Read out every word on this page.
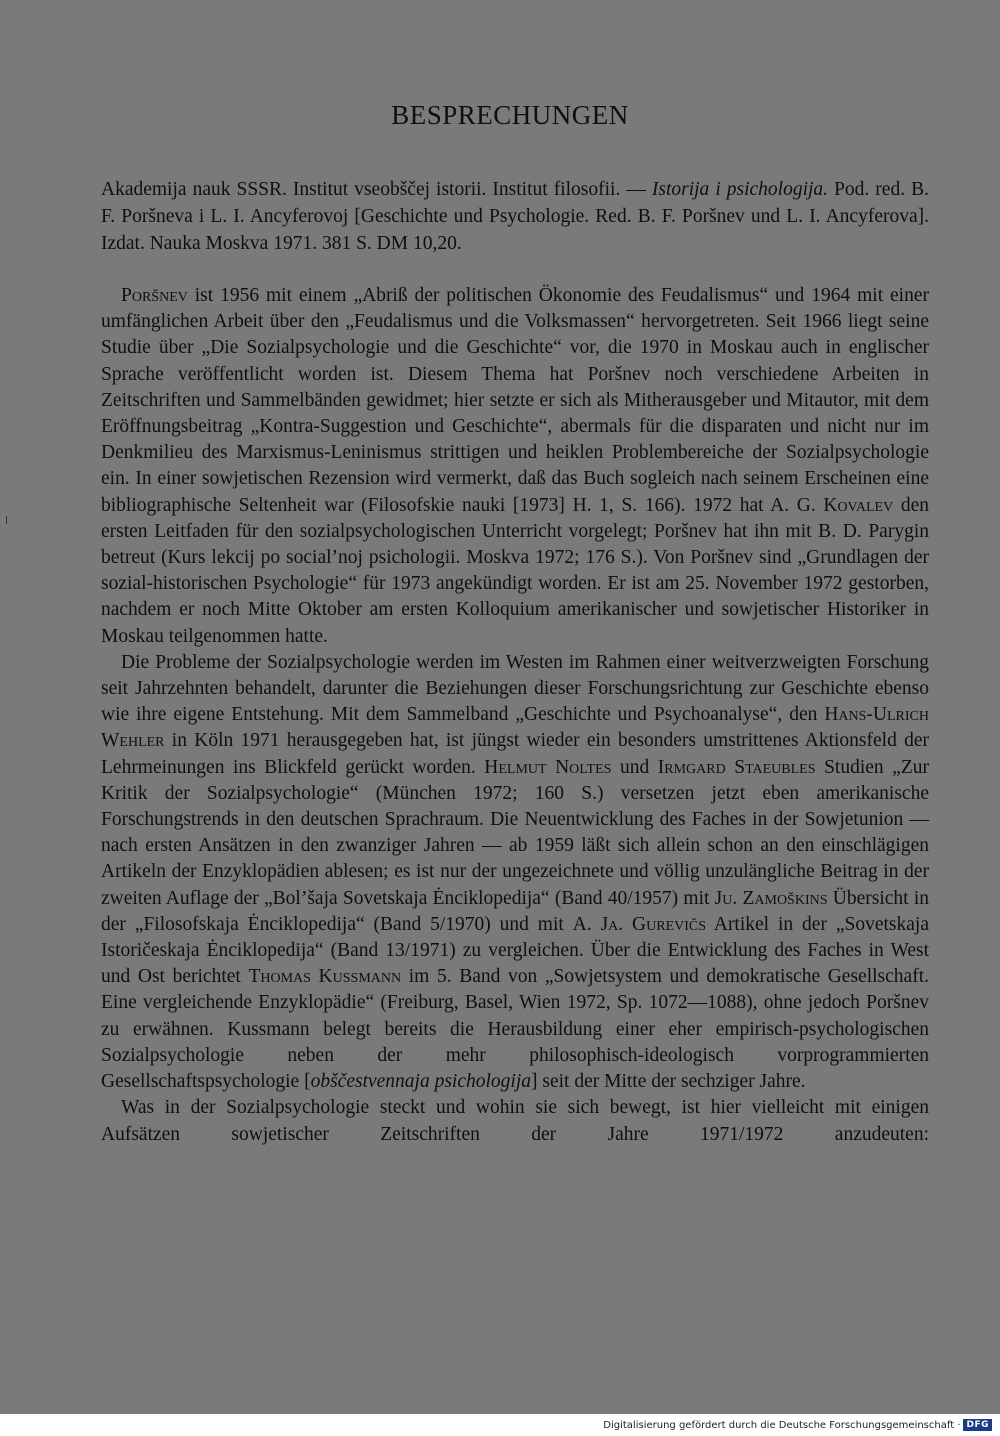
BESPRECHUNGEN
Akademija nauk SSSR. Institut vseobščej istorii. Institut filosofii. — Istorija i psichologija. Pod. red. B. F. Poršneva i L. I. Ancyferovoj [Geschichte und Psychologie. Red. B. F. Poršnev und L. I. Ancyferova]. Izdat. Nauka Moskva 1971. 381 S. DM 10,20.

Poršnev ist 1956 mit einem „Abriß der politischen Ökonomie des Feudalismus“ und 1964 mit einer umfänglichen Arbeit über den „Feudalismus und die Volksmassen“ hervorgetreten. Seit 1966 liegt seine Studie über „Die Sozialpsychologie und die Geschichte“ vor, die 1970 in Moskau auch in englischer Sprache veröffentlicht worden ist. Diesem Thema hat Poršnev noch verschiedene Arbeiten in Zeitschriften und Sammelbänden gewidmet; hier setzte er sich als Mitherausgeber und Mitautor, mit dem Eröffnungsbeitrag „Kontra-Suggestion und Geschichte“, abermals für die disparaten und nicht nur im Denkmilieu des Marxismus-Leninismus strittigen und heiklen Problembereiche der Sozialpsychologie ein. In einer sowjetischen Rezension wird vermerkt, daß das Buch sogleich nach seinem Erscheinen eine bibliographische Seltenheit war (Filosofskie nauki [1973] H. 1, S. 166). 1972 hat A. G. Kovalev den ersten Leitfaden für den sozialpsychologischen Unterricht vorgelegt; Poršnev hat ihn mit B. D. Parygin betreut (Kurs lekcij po social’noj psichologii. Moskva 1972; 176 S.). Von Poršnev sind „Grundlagen der sozial-historischen Psychologie“ für 1973 angekündigt worden. Er ist am 25. November 1972 gestorben, nachdem er noch Mitte Oktober am ersten Kolloquium amerikanischer und sowjetischer Historiker in Moskau teilgenommen hatte.

Die Probleme der Sozialpsychologie werden im Westen im Rahmen einer weitverzweigten Forschung seit Jahrzehnten behandelt, darunter die Beziehungen dieser Forschungsrichtung zur Geschichte ebenso wie ihre eigene Entstehung. Mit dem Sammelband „Geschichte und Psychoanalyse“, den Hans-Ulrich Wehler in Köln 1971 herausgegeben hat, ist jüngst wieder ein besonders umstrittenes Aktionsfeld der Lehrmeinungen ins Blickfeld gerückt worden. Helmut Noltes und Irmgard Staeubles Studien „Zur Kritik der Sozialpsychologie“ (München 1972; 160 S.) versetzen jetzt eben amerikanische Forschungstrends in den deutschen Sprachraum. Die Neuentwicklung des Faches in der Sowjetunion — nach ersten Ansätzen in den zwanziger Jahren — ab 1959 läßt sich allein schon an den einschlägigen Artikeln der Enzyklopädien ablesen; es ist nur der ungezeichnete und völlig unzulängliche Beitrag in der zweiten Auflage der „Bol’šaja Sovetskaja Ėnciklopedija“ (Band 40/1957) mit Ju. Zamoškins Übersicht in der „Filosofskaja Ėnciklopedija“ (Band 5/1970) und mit A. Ja. Gurevičs Artikel in der „Sovetskaja Istoričeskaja Ėnciklopedija“ (Band 13/1971) zu vergleichen. Über die Entwicklung des Faches in West und Ost berichtet Thomas Kussmann im 5. Band von „Sowjetsystem und demokratische Gesellschaft. Eine vergleichende Enzyklopädie“ (Freiburg, Basel, Wien 1972, Sp. 1072—1088), ohne jedoch Poršnev zu erwähnen. Kussmann belegt bereits die Herausbildung einer eher empirisch-psychologischen Sozialpsychologie neben der mehr philosophisch-ideologisch vorprogrammierten Gesellschaftspsychologie [obščestvennaja psichologija] seit der Mitte der sechziger Jahre.

Was in der Sozialpsychologie steckt und wohin sie sich bewegt, ist hier vielleicht mit einigen Aufsätzen sowjetischer Zeitschriften der Jahre 1971/1972 anzudeuten:

Digitalisierung gefördert durch die Deutsche Forschungsgemeinschaft · DFG
